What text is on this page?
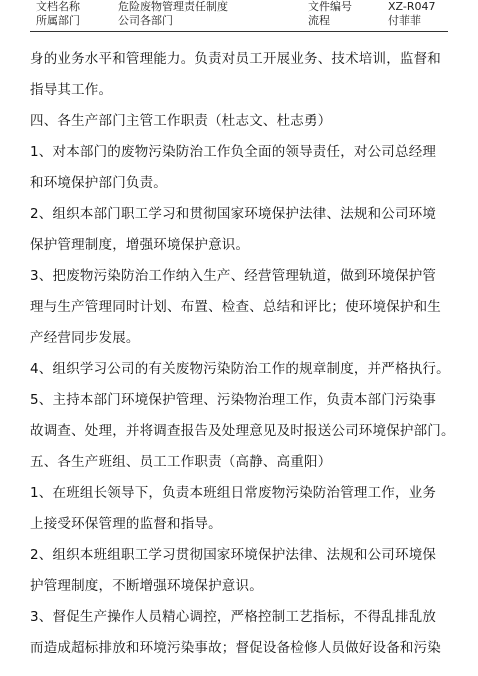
文档名称	危险废物管理责任制度	文件编号	XZ-R047
所属部门	公司各部门	流程	付菲菲
身的业务水平和管理能力。负责对员工开展业务、技术培训，监督和
指导其工作。
四、各生产部门主管工作职责（杜志文、杜志勇）
1、对本部门的废物污染防治工作负全面的领导责任，对公司总经理
和环境保护部门负责。
2、组织本部门职工学习和贯彻国家环境保护法律、法规和公司环境
保护管理制度，增强环境保护意识。
3、把废物污染防治工作纳入生产、经营管理轨道，做到环境保护管
理与生产管理同时计划、布置、检查、总结和评比；使环境保护和生
产经营同步发展。
4、组织学习公司的有关废物污染防治工作的规章制度，并严格执行。
5、主持本部门环境保护管理、污染物治理工作，负责本部门污染事
故调查、处理，并将调查报告及处理意见及时报送公司环境保护部门。
五、各生产班组、员工工作职责（高静、高重阳）
1、在班组长领导下，负责本班组日常废物污染防治管理工作，业务
上接受环保管理的监督和指导。
2、组织本班组职工学习贯彻国家环境保护法律、法规和公司环境保
护管理制度，不断增强环境保护意识。
3、督促生产操作人员精心调控，严格控制工艺指标，不得乱排乱放
而造成超标排放和环境污染事故；督促设备检修人员做好设备和污染
